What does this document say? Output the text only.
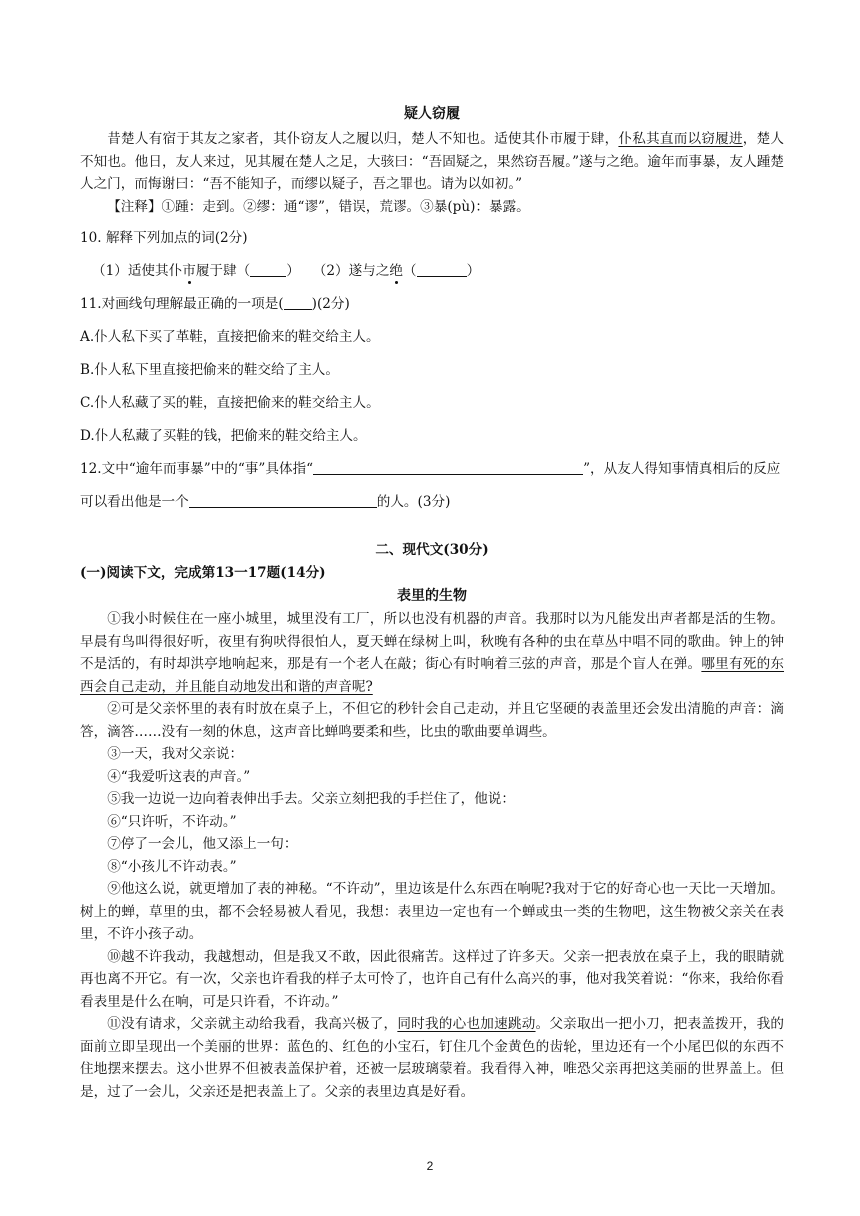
疑人窃履

昔楚人有宿于其友之家者，其仆窃友人之履以归，楚人不知也。适使其仆市履于肆，仆私其直而以窃履进，楚人不知也。他日，友人来过，见其履在楚人之足，大骇曰：“吾固疑之，果然窃吾履。”遂与之绝。逾年而事暴，友人踵楚人之门，而悔谢曰：“吾不能知子，而缪以疑子，吾之罪也。请为以如初。”

【注释】①踵：走到。②缪：通“谬”，错误，荒谬。③暴(pù)：暴露。

10. 解释下列加点的词(2分)

（1）适使其仆市履于肆（	） （2）遂与之绝（	）

11.对画线句理解最正确的一项是( )(2分)

A.仆人私下买了革鞋，直接把偷来的鞋交给主人。

B.仆人私下里直接把偷来的鞋交给了主人。

C.仆人私藏了买的鞋，直接把偷来的鞋交给主人。

D.仆人私藏了买鞋的钱，把偷来的鞋交给主人。

12.文中“逾年而事暴”中的“事”具体指“	”，从友人得知事情真相后的反应

可以看出他是一个	的人。(3分)

二、现代文(30分)
(一)阅读下文，完成第13一17题(14分)
表里的生物

①我小时候住在一座小城里，城里没有工厂，所以也没有机器的声音。我那时以为凡能发出声者都是活的生物。早晨有鸟叫得很好听，夜里有狗吠得很怕人，夏天蝉在绿树上叫，秋晚有各种的虫在草丛中唱不同的歌曲。钟上的钟不是活的，有时却洪亭地响起来，那是有一个老人在敲；街心有时响着三弦的声音，那是个盲人在弹。哪里有死的东西会自己走动，并且能自动地发出和谐的声音呢?

②可是父亲怀里的表有时放在桌子上，不但它的秒针会自己走动，并且它坚硬的表盖里还会发出清脆的声音：滴答，滴答……没有一刻的休息，这声音比蝉鸣要柔和些，比虫的歌曲要单调些。

③一天，我对父亲说：

④“我爱听这表的声音。”

⑤我一边说一边向着表伸出手去。父亲立刻把我的手拦住了，他说：

⑥“只许听，不许动。”

⑦停了一会儿，他又添上一句：

⑧“小孩儿不许动表。”

⑨他这么说，就更增加了表的神秘。“不许动”，里边该是什么东西在响呢?我对于它的好奇心也一天比一天增加。树上的蝉，草里的虫，都不会轻易被人看见，我想：表里边一定也有一个蝉或虫一类的生物吧，这生物被父亲关在表里，不许小孩子动。

⑩越不许我动，我越想动，但是我又不敢，因此很痛苦。这样过了许多天。父亲一把表放在桌子上，我的眼睛就再也离不开它。有一次，父亲也许看我的样子太可怜了，也许自己有什么高兴的事，他对我笑着说：“你来，我给你看看表里是什么在响，可是只许看，不许动。”

⑪没有请求，父亲就主动给我看，我高兴极了，同时我的心也加速跳动。父亲取出一把小刀，把表盖拨开，我的面前立即呈现出一个美丽的世界：蓝色的、红色的小宝石，钉住几个金黄色的齿轮，里边还有一个小尾巴似的东西不住地摆来摆去。这小世界不但被表盖保护着，还被一层玻璃蒙着。我看得入神，唯恐父亲再把这美丽的世界盖上。但是，过了一会儿，父亲还是把表盖上了。父亲的表里边真是好看。

2
